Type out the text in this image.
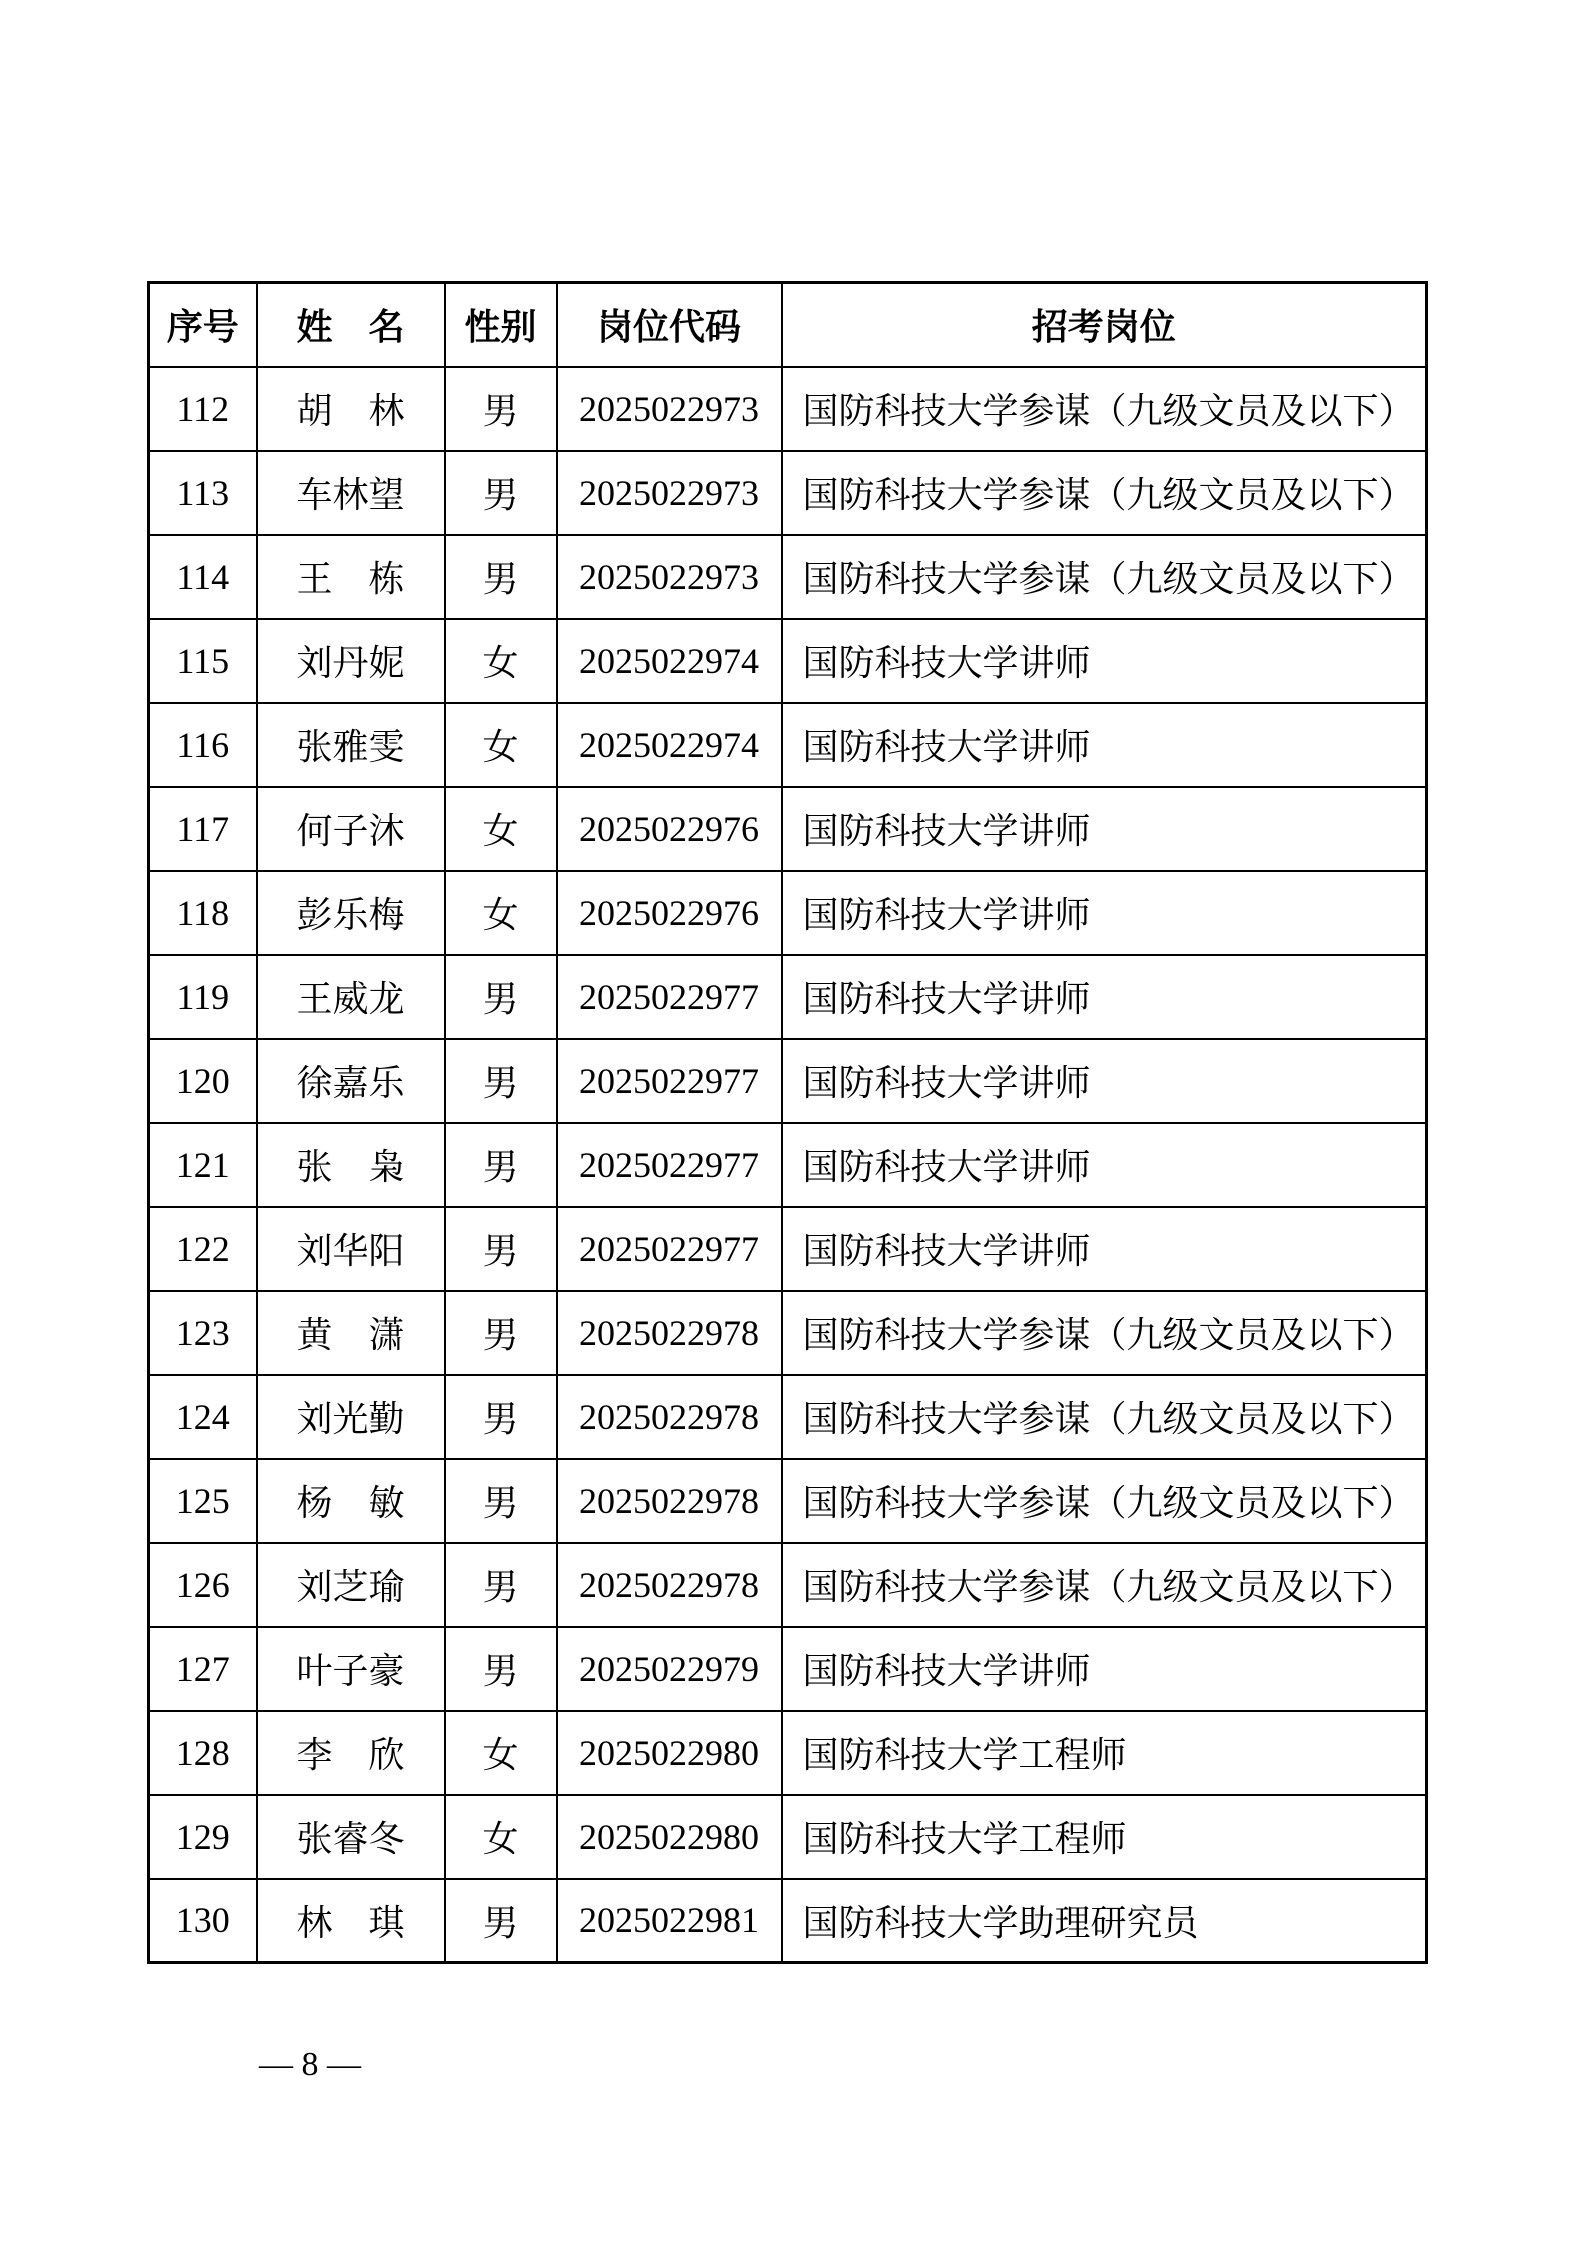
序号	姓　名	性别	岗位代码	招考岗位
112	胡　林	男	2025022973	国防科技大学参谋（九级文员及以下）
113	车林望	男	2025022973	国防科技大学参谋（九级文员及以下）
114	王　栋	男	2025022973	国防科技大学参谋（九级文员及以下）
115	刘丹妮	女	2025022974	国防科技大学讲师
116	张雅雯	女	2025022974	国防科技大学讲师
117	何子沐	女	2025022976	国防科技大学讲师
118	彭乐梅	女	2025022976	国防科技大学讲师
119	王威龙	男	2025022977	国防科技大学讲师
120	徐嘉乐	男	2025022977	国防科技大学讲师
121	张　枭	男	2025022977	国防科技大学讲师
122	刘华阳	男	2025022977	国防科技大学讲师
123	黄　潇	男	2025022978	国防科技大学参谋（九级文员及以下）
124	刘光勤	男	2025022978	国防科技大学参谋（九级文员及以下）
125	杨　敏	男	2025022978	国防科技大学参谋（九级文员及以下）
126	刘芝瑜	男	2025022978	国防科技大学参谋（九级文员及以下）
127	叶子豪	男	2025022979	国防科技大学讲师
128	李　欣	女	2025022980	国防科技大学工程师
129	张睿冬	女	2025022980	国防科技大学工程师
130	林　琪	男	2025022981	国防科技大学助理研究员
— 8 —
